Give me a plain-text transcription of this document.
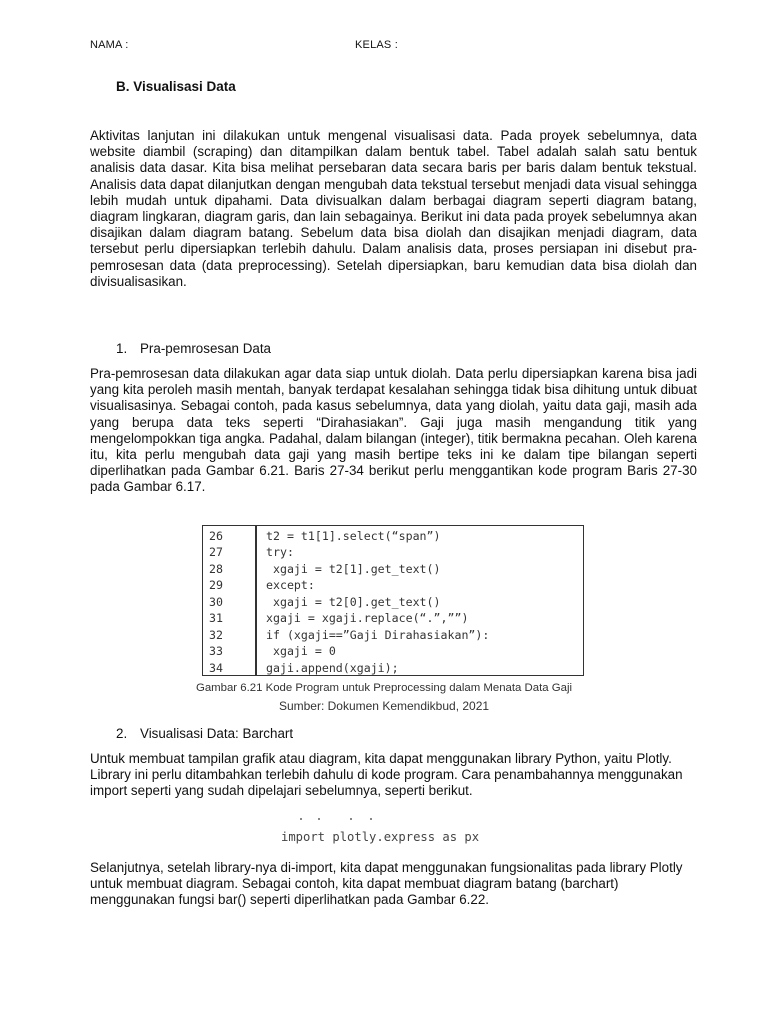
NAMA :	KELAS :
B. Visualisasi Data

Aktivitas lanjutan ini dilakukan untuk mengenal visualisasi data. Pada proyek sebelumnya, data website diambil (scraping) dan ditampilkan dalam bentuk tabel. Tabel adalah salah satu bentuk analisis data dasar. Kita bisa melihat persebaran data secara baris per baris dalam bentuk tekstual. Analisis data dapat dilanjutkan dengan mengubah data tekstual tersebut menjadi data visual sehingga lebih mudah untuk dipahami. Data divisualkan dalam berbagai diagram seperti diagram batang, diagram lingkaran, diagram garis, dan lain sebagainya. Berikut ini data pada proyek sebelumnya akan disajikan dalam diagram batang. Sebelum data bisa diolah dan disajikan menjadi diagram, data tersebut perlu dipersiapkan terlebih dahulu. Dalam analisis data, proses persiapan ini disebut pra-pemrosesan data (data preprocessing). Setelah dipersiapkan, baru kemudian data bisa diolah dan divisualisasikan.

1. Pra-pemrosesan Data

Pra-pemrosesan data dilakukan agar data siap untuk diolah. Data perlu dipersiapkan karena bisa jadi yang kita peroleh masih mentah, banyak terdapat kesalahan sehingga tidak bisa dihitung untuk dibuat visualisasinya. Sebagai contoh, pada kasus sebelumnya, data yang diolah, yaitu data gaji, masih ada yang berupa data teks seperti “Dirahasiakan”. Gaji juga masih mengandung titik yang mengelompokkan tiga angka. Padahal, dalam bilangan (integer), titik bermakna pecahan. Oleh karena itu, kita perlu mengubah data gaji yang masih bertipe teks ini ke dalam tipe bilangan seperti diperlihatkan pada Gambar 6.21. Baris 27-34 berikut perlu menggantikan kode program Baris 27-30 pada Gambar 6.17.

26	t2 = t1[1].select(“span”)
27	try:
28	xgaji = t2[1].get_text()
29	except:
30	xgaji = t2[0].get_text()
31	xgaji = xgaji.replace(“.”,””)
32	if (xgaji==”Gaji Dirahasiakan”):
33	xgaji = 0
34	gaji.append(xgaji);
Gambar 6.21 Kode Program untuk Preprocessing dalam Menata Data Gaji
Sumber: Dokumen Kemendikbud, 2021
2. Visualisasi Data: Barchart

Untuk membuat tampilan grafik atau diagram, kita dapat menggunakan library Python, yaitu Plotly. Library ini perlu ditambahkan terlebih dahulu di kode program. Cara penambahannya menggunakan import seperti yang sudah dipelajari sebelumnya, seperti berikut.

import plotly.express as px

Selanjutnya, setelah library-nya di-import, kita dapat menggunakan fungsionalitas pada library Plotly untuk membuat diagram. Sebagai contoh, kita dapat membuat diagram batang (barchart) menggunakan fungsi bar() seperti diperlihatkan pada Gambar 6.22.
